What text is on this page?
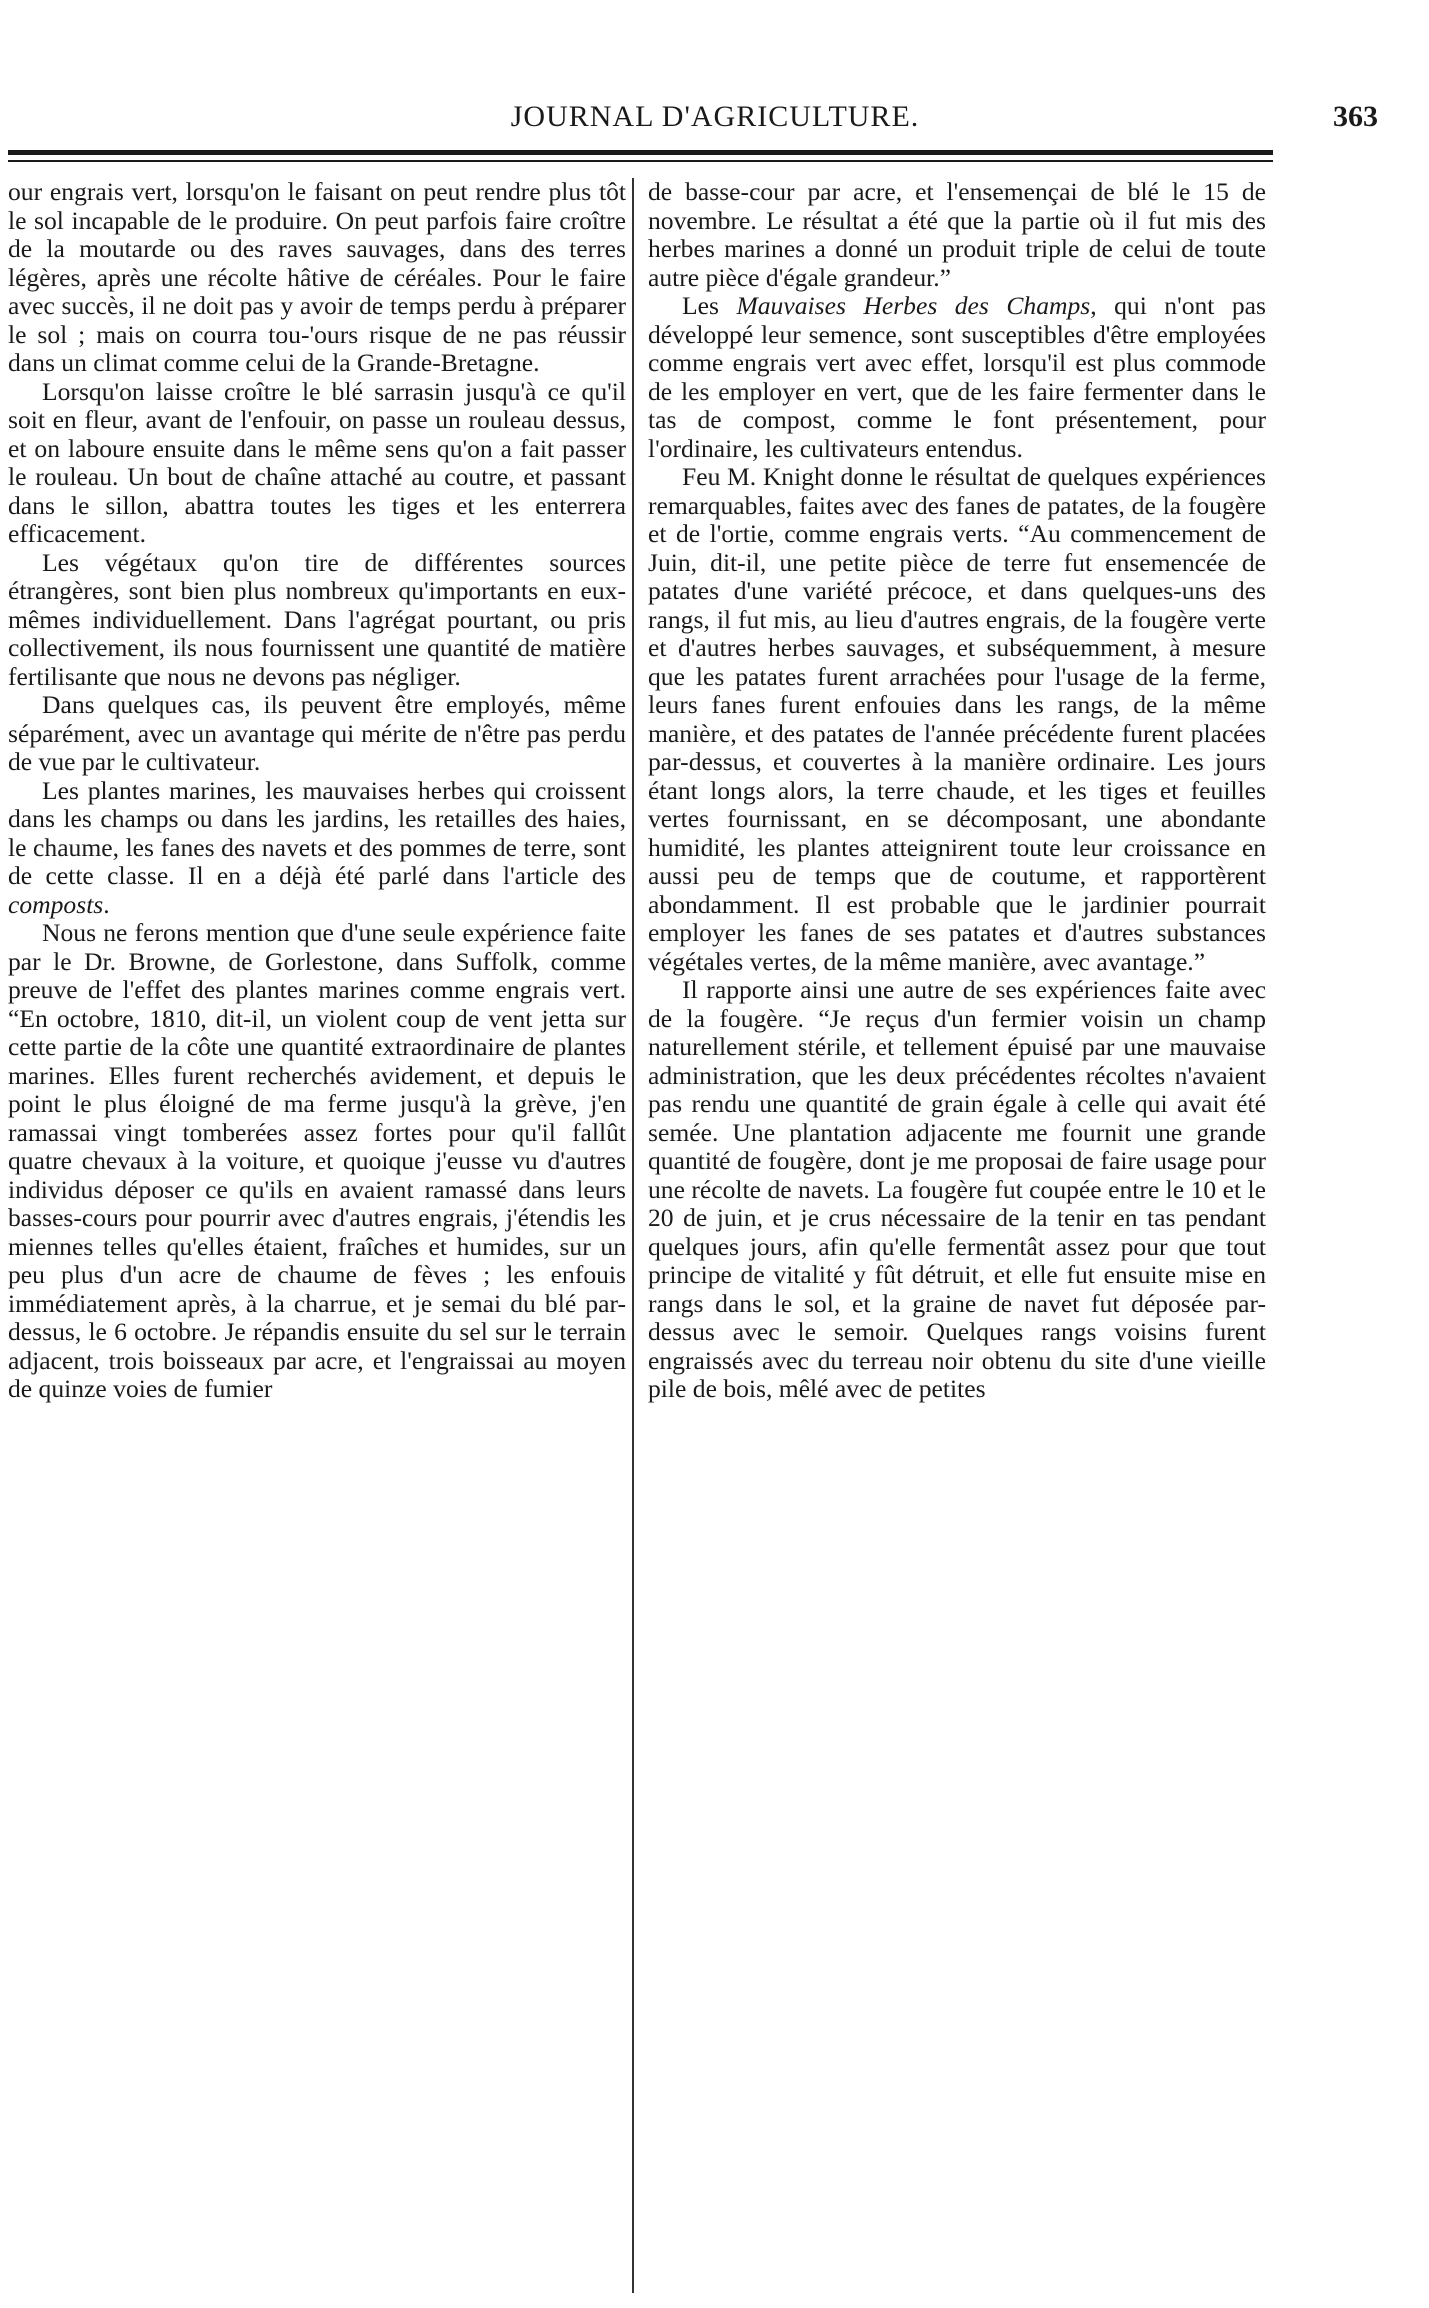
JOURNAL D'AGRICULTURE.	363

our engrais vert, lorsqu'on le faisant on peut rendre plus tôt le sol incapable de le produire. On peut parfois faire croître de la moutarde ou des raves sauvages, dans des terres légères, après une récolte hâtive de céréales. Pour le faire avec succès, il ne doit pas y avoir de temps perdu à préparer le sol ; mais on courra tou-'ours risque de ne pas réussir dans un climat comme celui de la Grande-Bretagne.

Lorsqu'on laisse croître le blé sarrasin jusqu'à ce qu'il soit en fleur, avant de l'enfouir, on passe un rouleau dessus, et on laboure ensuite dans le même sens qu'on a fait passer le rouleau. Un bout de chaîne attaché au coutre, et passant dans le sillon, abattra toutes les tiges et les enterrera efficacement.

Les végétaux qu'on tire de différentes sources étrangères, sont bien plus nombreux qu'importants en eux-mêmes individuellement. Dans l'agrégat pourtant, ou pris collectivement, ils nous fournissent une quantité de matière fertilisante que nous ne devons pas négliger.

Dans quelques cas, ils peuvent être employés, même séparément, avec un avantage qui mérite de n'être pas perdu de vue par le cultivateur.

Les plantes marines, les mauvaises herbes qui croissent dans les champs ou dans les jardins, les retailles des haies, le chaume, les fanes des navets et des pommes de terre, sont de cette classe. Il en a déjà été parlé dans l'article des composts.

Nous ne ferons mention que d'une seule expérience faite par le Dr. Browne, de Gorlestone, dans Suffolk, comme preuve de l'effet des plantes marines comme engrais vert. “En octobre, 1810, dit-il, un violent coup de vent jetta sur cette partie de la côte une quantité extraordinaire de plantes marines. Elles furent recherchés avidement, et depuis le point le plus éloigné de ma ferme jusqu'à la grève, j'en ramassai vingt tomberées assez fortes pour qu'il fallût quatre chevaux à la voiture, et quoique j'eusse vu d'autres individus déposer ce qu'ils en avaient ramassé dans leurs basses-cours pour pourrir avec d'autres engrais, j'étendis les miennes telles qu'elles étaient, fraîches et humides, sur un peu plus d'un acre de chaume de fèves ; les enfouis immédiatement après, à la charrue, et je semai du blé par-dessus, le 6 octobre. Je répandis ensuite du sel sur le terrain adjacent, trois boisseaux par acre, et l'engraissai au moyen de quinze voies de fumier

de basse-cour par acre, et l'ensemençai de blé le 15 de novembre. Le résultat a été que la partie où il fut mis des herbes marines a donné un produit triple de celui de toute autre pièce d'égale grandeur.”

Les Mauvaises Herbes des Champs, qui n'ont pas développé leur semence, sont susceptibles d'être employées comme engrais vert avec effet, lorsqu'il est plus commode de les employer en vert, que de les faire fermenter dans le tas de compost, comme le font présentement, pour l'ordinaire, les cultivateurs entendus.

Feu M. Knight donne le résultat de quelques expériences remarquables, faites avec des fanes de patates, de la fougère et de l'ortie, comme engrais verts. “Au commencement de Juin, dit-il, une petite pièce de terre fut ensemencée de patates d'une variété précoce, et dans quelques-uns des rangs, il fut mis, au lieu d'autres engrais, de la fougère verte et d'autres herbes sauvages, et subséquemment, à mesure que les patates furent arrachées pour l'usage de la ferme, leurs fanes furent enfouies dans les rangs, de la même manière, et des patates de l'année précédente furent placées par-dessus, et couvertes à la manière ordinaire. Les jours étant longs alors, la terre chaude, et les tiges et feuilles vertes fournissant, en se décomposant, une abondante humidité, les plantes atteignirent toute leur croissance en aussi peu de temps que de coutume, et rapportèrent abondamment. Il est probable que le jardinier pourrait employer les fanes de ses patates et d'autres substances végétales vertes, de la même manière, avec avantage.”

Il rapporte ainsi une autre de ses expériences faite avec de la fougère. “Je reçus d'un fermier voisin un champ naturellement stérile, et tellement épuisé par une mauvaise administration, que les deux précédentes récoltes n'avaient pas rendu une quantité de grain égale à celle qui avait été semée. Une plantation adjacente me fournit une grande quantité de fougère, dont je me proposai de faire usage pour une récolte de navets. La fougère fut coupée entre le 10 et le 20 de juin, et je crus nécessaire de la tenir en tas pendant quelques jours, afin qu'elle fermentât assez pour que tout principe de vitalité y fût détruit, et elle fut ensuite mise en rangs dans le sol, et la graine de navet fut déposée par-dessus avec le semoir. Quelques rangs voisins furent engraissés avec du terreau noir obtenu du site d'une vieille pile de bois, mêlé avec de petites
